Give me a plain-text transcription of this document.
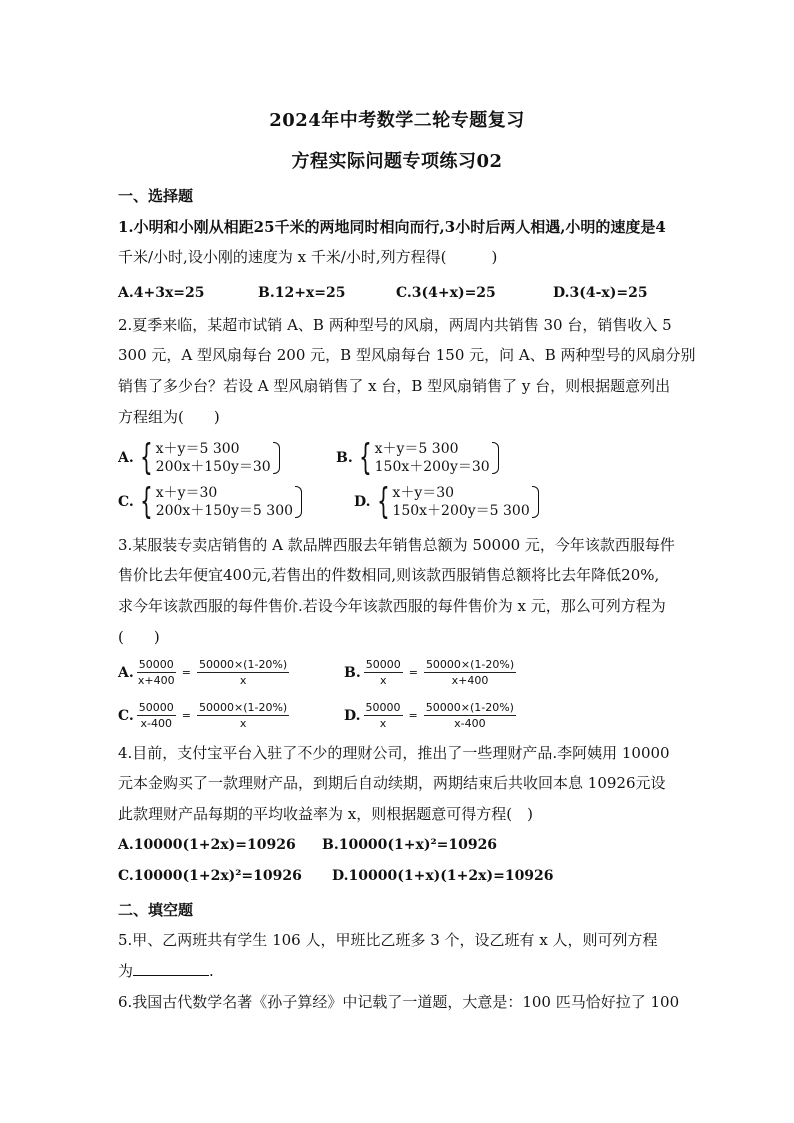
2024年中考数学二轮专题复习
方程实际问题专项练习02
一、选择题
1.小明和小刚从相距25千米的两地同时相向而行,3小时后两人相遇,小明的速度是4
千米/小时,设小刚的速度为 x 千米/小时,列方程得(　　　)
A.4+3x=25	B.12+x=25	C.3(4+x)=25	D.3(4-x)=25
2.夏季来临，某超市试销 A、B 两种型号的风扇，两周内共销售 30 台，销售收入 5
300 元，A 型风扇每台 200 元，B 型风扇每台 150 元，问 A、B 两种型号的风扇分别
销售了多少台？若设 A 型风扇销售了 x 台，B 型风扇销售了 y 台，则根据题意列出
方程组为(　　)
A. { x＋y＝5 300
200x＋150y＝30
B. { x＋y＝5 300
150x＋200y＝30
C. { x＋y＝30
200x＋150y＝5 300
D. { x＋y＝30
150x＋200y＝5 300
3.某服装专卖店销售的 A 款品牌西服去年销售总额为 50000 元，今年该款西服每件
售价比去年便宜400元,若售出的件数相同,则该款西服销售总额将比去年降低20%,
求今年该款西服的每件售价.若设今年该款西服的每件售价为 x 元，那么可列方程为
(　　)
A. $\frac{50000}{x+400} = \frac{50000\times(1-20\%)}{x}$	B. $\frac{50000}{x} = \frac{50000\times(1-20\%)}{x+400}$
C. $\frac{50000}{x-400} = \frac{50000\times(1-20\%)}{x}$	D. $\frac{50000}{x} = \frac{50000\times(1-20\%)}{x-400}$
4.目前，支付宝平台入驻了不少的理财公司，推出了一些理财产品.李阿姨用 10000
元本金购买了一款理财产品，到期后自动续期，两期结束后共收回本息 10926元设
此款理财产品每期的平均收益率为 x，则根据题意可得方程(　)
A.10000(1+2x)=10926 B.10000(1+x)²=10926
C.10000(1+2x)²=10926 D.10000(1+x)(1+2x)=10926
二、填空题
5.甲、乙两班共有学生 106 人，甲班比乙班多 3 个，设乙班有 x 人，则可列方程
为	.
6.我国古代数学名著《孙子算经》中记载了一道题，大意是：100 匹马恰好拉了 100
